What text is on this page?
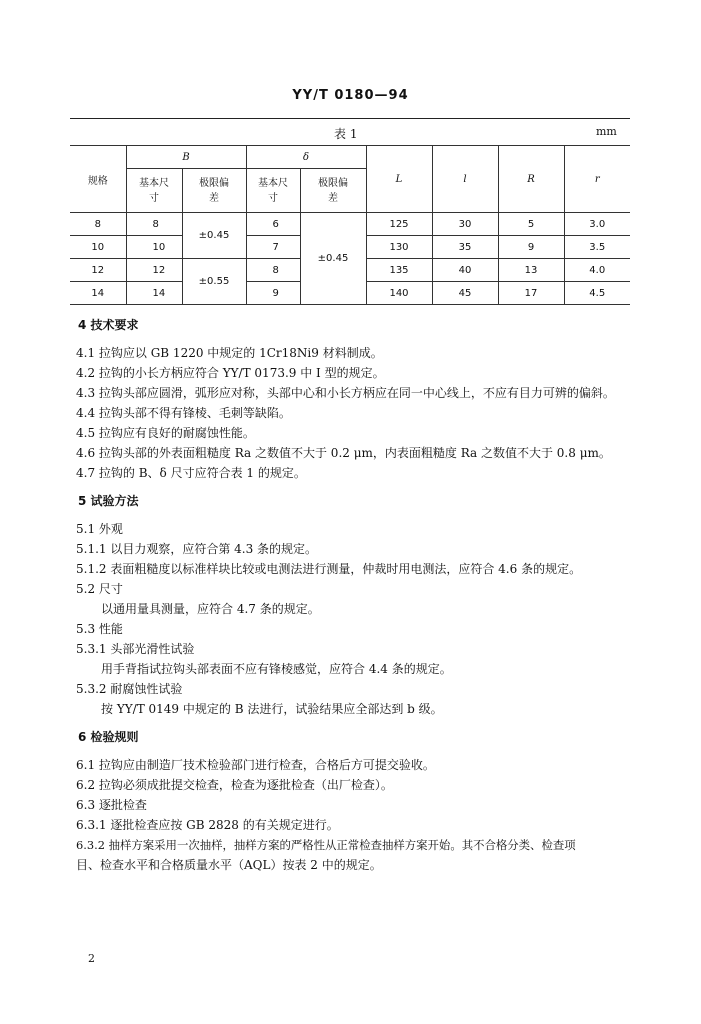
YY/T 0180—94
表 1	mm
规格	B		δ		L	l	R	r
	基本尺寸	极限偏差	基本尺寸	极限偏差				
8	8	±0.45	6	±0.45	125	30	5	3.0
10	10		7		130	35	9	3.5
12	12	±0.55	8		135	40	13	4.0
14	14		9		140	45	17	4.5
4 技术要求
4.1 拉钩应以 GB 1220 中规定的 1Cr18Ni9 材料制成。
4.2 拉钩的小长方柄应符合 YY/T 0173.9 中 I 型的规定。
4.3 拉钩头部应圆滑，弧形应对称，头部中心和小长方柄应在同一中心线上，不应有目力可辨的偏斜。
4.4 拉钩头部不得有锋棱、毛刺等缺陷。
4.5 拉钩应有良好的耐腐蚀性能。
4.6 拉钩头部的外表面粗糙度 Ra 之数值不大于 0.2 μm，内表面粗糙度 Ra 之数值不大于 0.8 μm。
4.7 拉钩的 B、δ 尺寸应符合表 1 的规定。
5 试验方法
5.1 外观
5.1.1 以目力观察，应符合第 4.3 条的规定。
5.1.2 表面粗糙度以标准样块比较或电测法进行测量，仲裁时用电测法，应符合 4.6 条的规定。
5.2 尺寸
以通用量具测量，应符合 4.7 条的规定。
5.3 性能
5.3.1 头部光滑性试验
用手背指试拉钩头部表面不应有锋棱感觉，应符合 4.4 条的规定。
5.3.2 耐腐蚀性试验
按 YY/T 0149 中规定的 B 法进行，试验结果应全部达到 b 级。
6 检验规则
6.1 拉钩应由制造厂技术检验部门进行检查，合格后方可提交验收。
6.2 拉钩必须成批提交检查，检查为逐批检查（出厂检查）。
6.3 逐批检查
6.3.1 逐批检查应按 GB 2828 的有关规定进行。
6.3.2 抽样方案采用一次抽样，抽样方案的严格性从正常检查抽样方案开始。其不合格分类、检查项
目、检查水平和合格质量水平（AQL）按表 2 中的规定。
2
